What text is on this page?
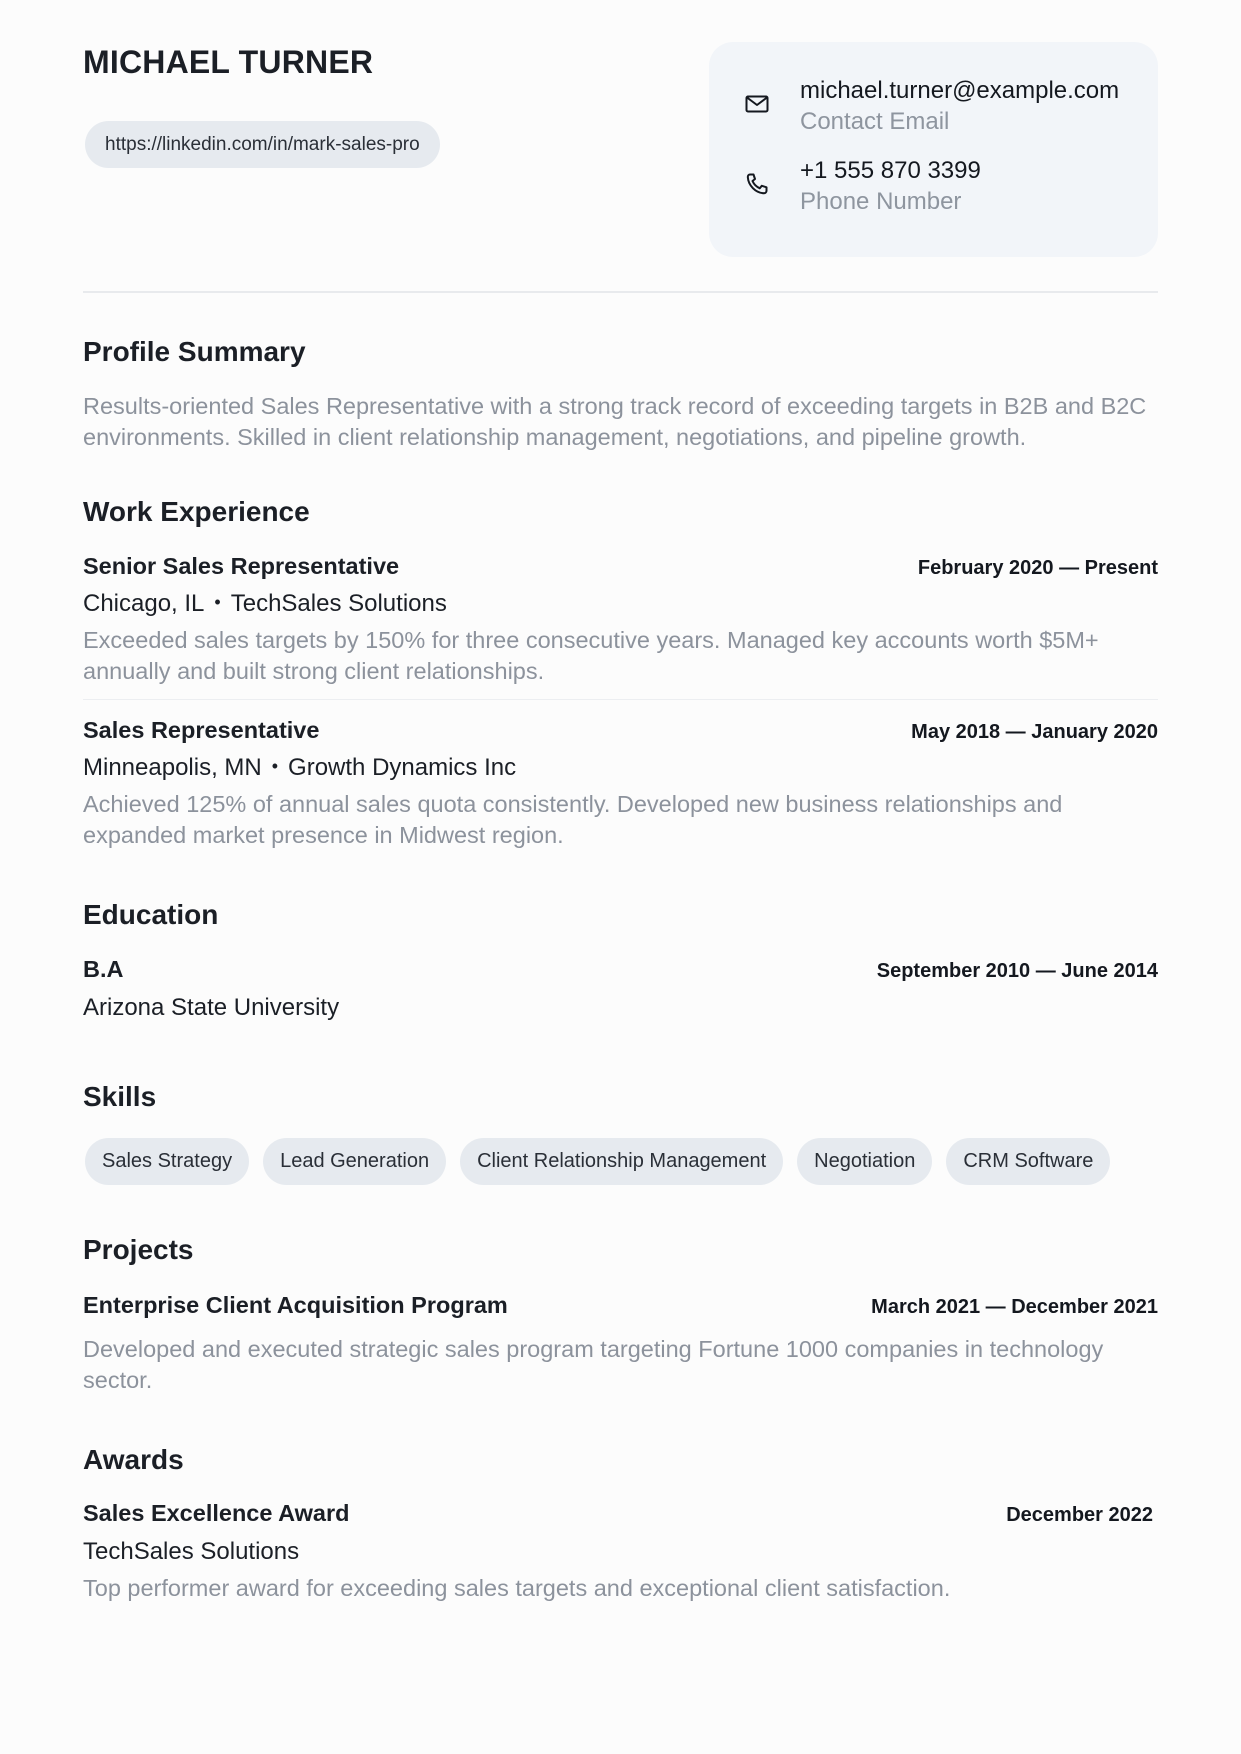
MICHAEL TURNER
https://linkedin.com/in/mark-sales-pro
michael.turner@example.com
Contact Email
+1 555 870 3399
Phone Number
Profile Summary
Results-oriented Sales Representative with a strong track record of exceeding targets in B2B and B2C environments. Skilled in client relationship management, negotiations, and pipeline growth.
Work Experience
Senior Sales Representative	February 2020 — Present
Chicago, IL • TechSales Solutions
Exceeded sales targets by 150% for three consecutive years. Managed key accounts worth $5M+ annually and built strong client relationships.
Sales Representative	May 2018 — January 2020
Minneapolis, MN • Growth Dynamics Inc
Achieved 125% of annual sales quota consistently. Developed new business relationships and expanded market presence in Midwest region.
Education
B.A	September 2010 — June 2014
Arizona State University
Skills
Sales Strategy	Lead Generation	Client Relationship Management	Negotiation	CRM Software
Projects
Enterprise Client Acquisition Program	March 2021 — December 2021
Developed and executed strategic sales program targeting Fortune 1000 companies in technology sector.
Awards
Sales Excellence Award	December 2022
TechSales Solutions
Top performer award for exceeding sales targets and exceptional client satisfaction.
